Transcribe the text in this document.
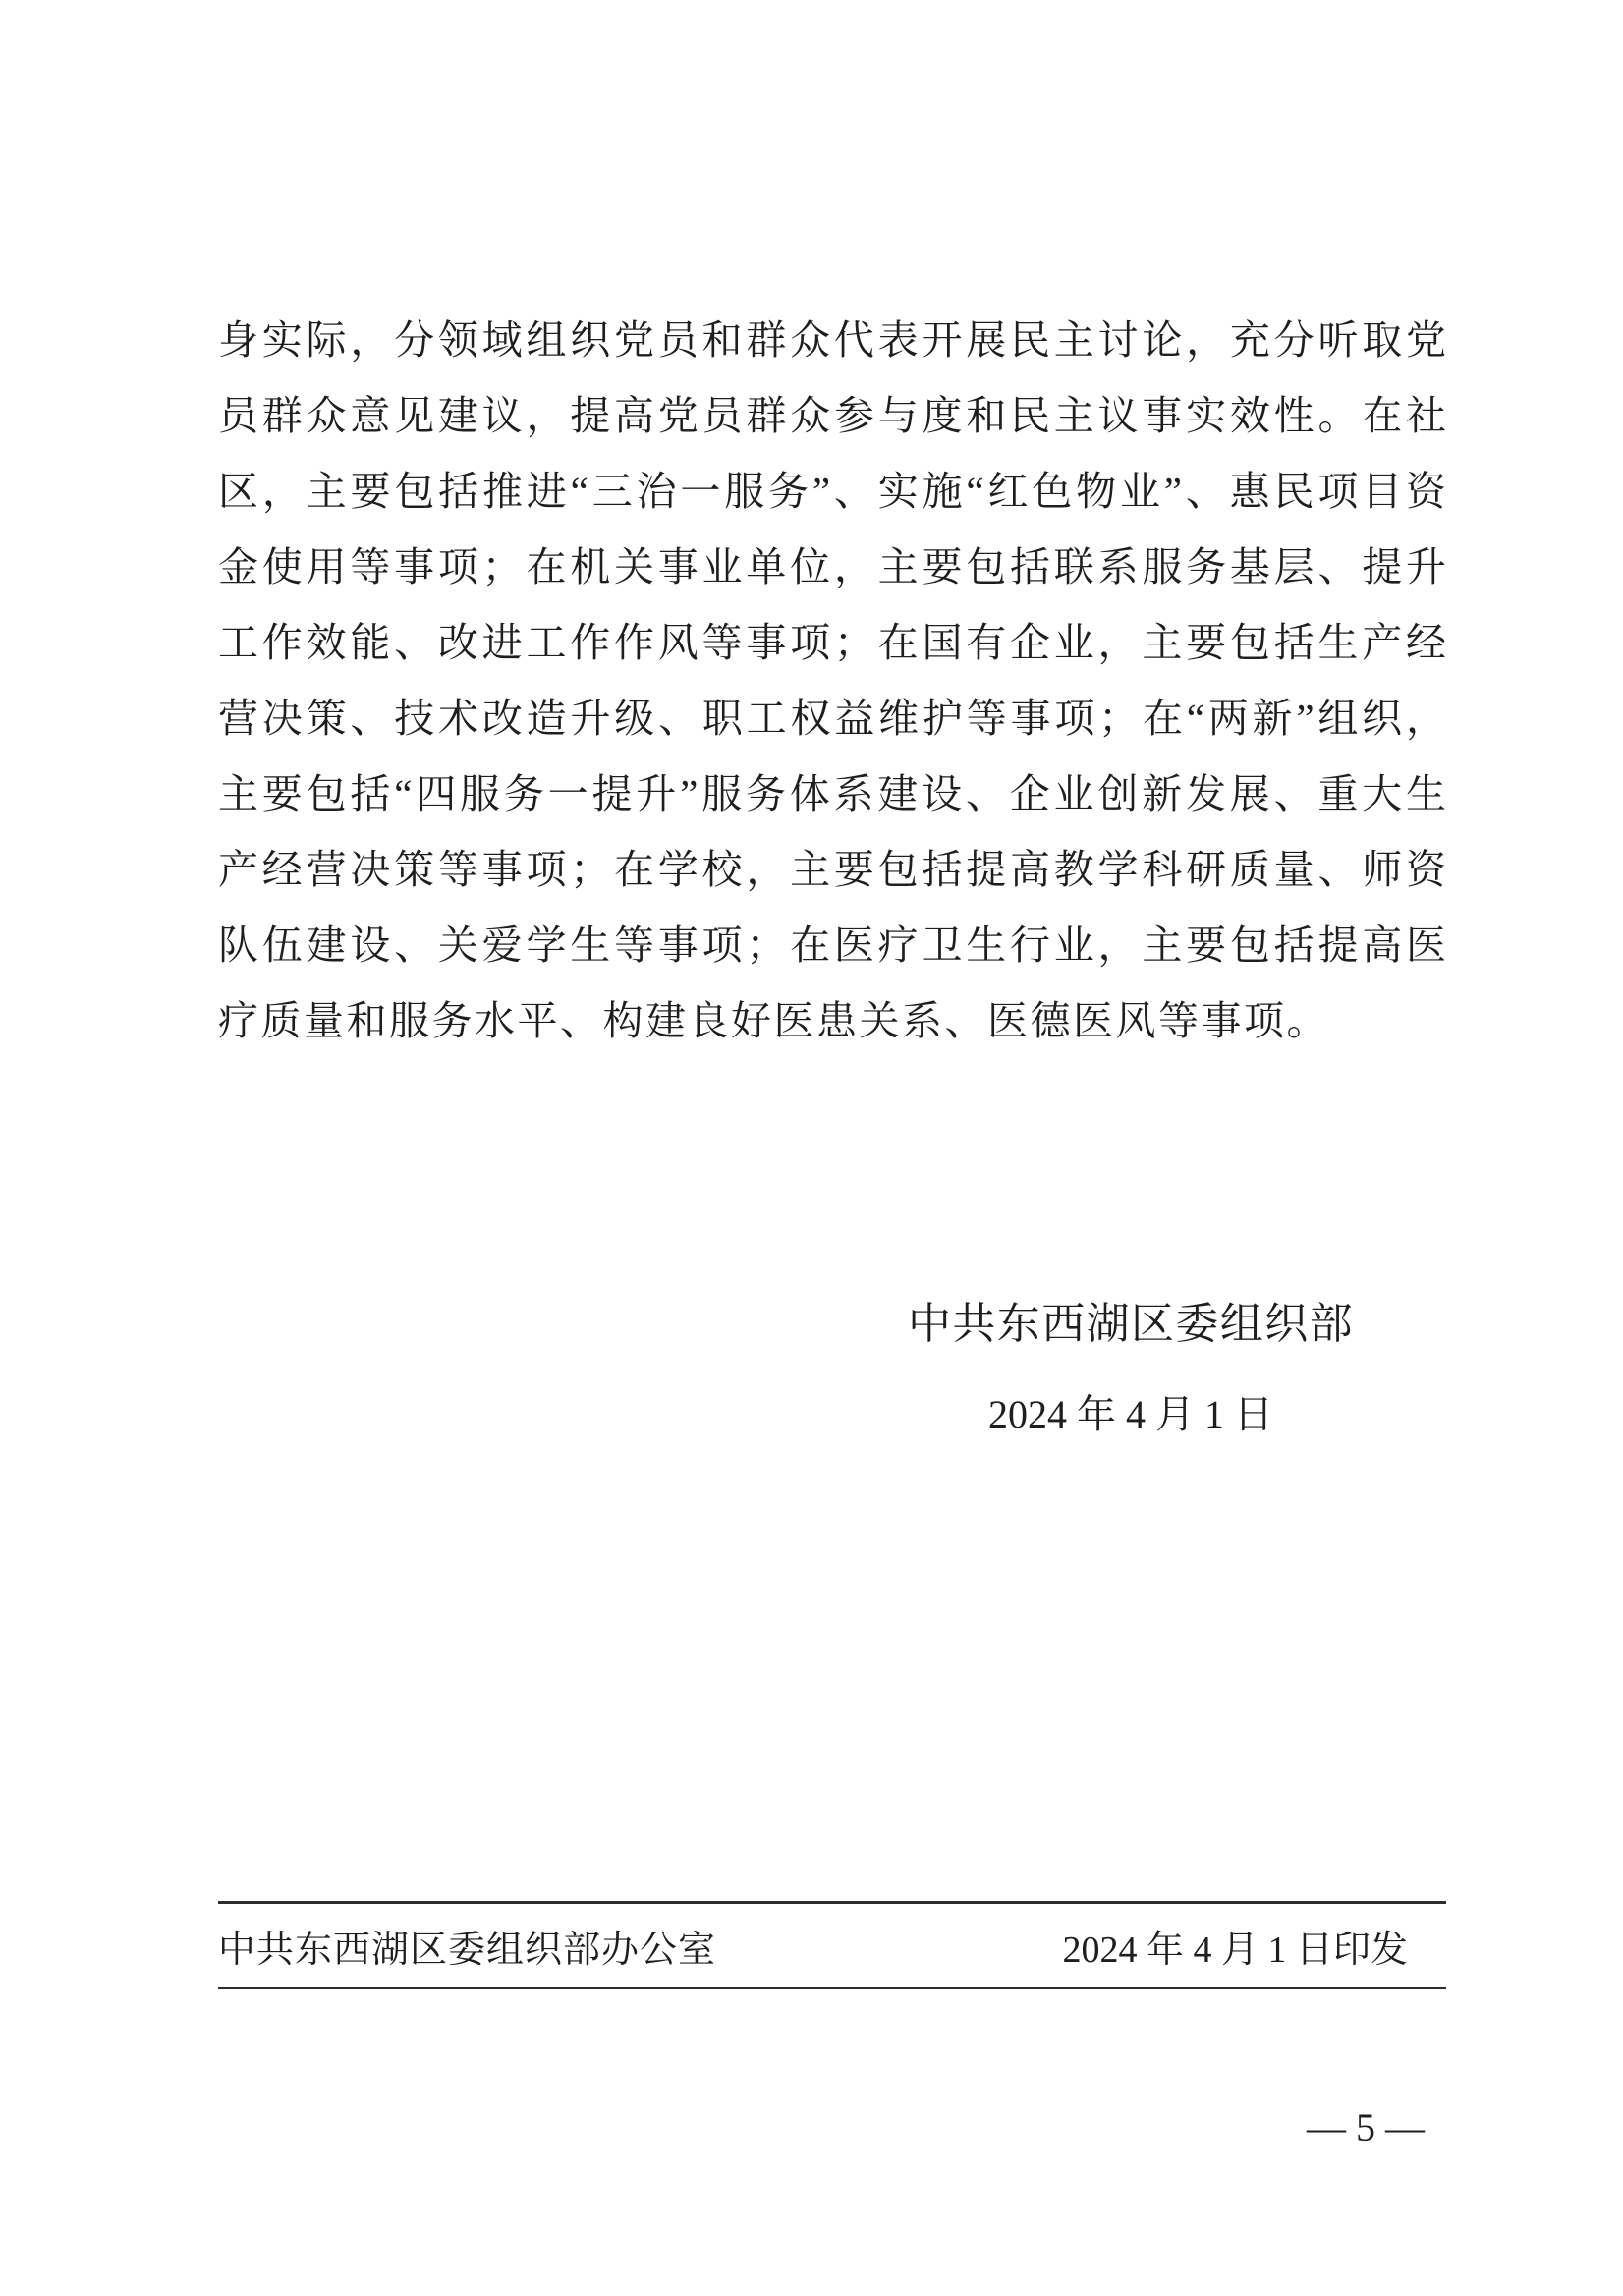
身实际，分领域组织党员和群众代表开展民主讨论，充分听取党
员群众意见建议，提高党员群众参与度和民主议事实效性。在社
区，主要包括推进“三治一服务”、实施“红色物业”、惠民项目资
金使用等事项；在机关事业单位，主要包括联系服务基层、提升
工作效能、改进工作作风等事项；在国有企业，主要包括生产经
营决策、技术改造升级、职工权益维护等事项；在“两新”组织，
主要包括“四服务一提升”服务体系建设、企业创新发展、重大生
产经营决策等事项；在学校，主要包括提高教学科研质量、师资
队伍建设、关爱学生等事项；在医疗卫生行业，主要包括提高医
疗质量和服务水平、构建良好医患关系、医德医风等事项。
中共东西湖区委组织部
2024 年 4 月 1 日
中共东西湖区委组织部办公室	2024 年 4 月 1 日印发
— 5 —
